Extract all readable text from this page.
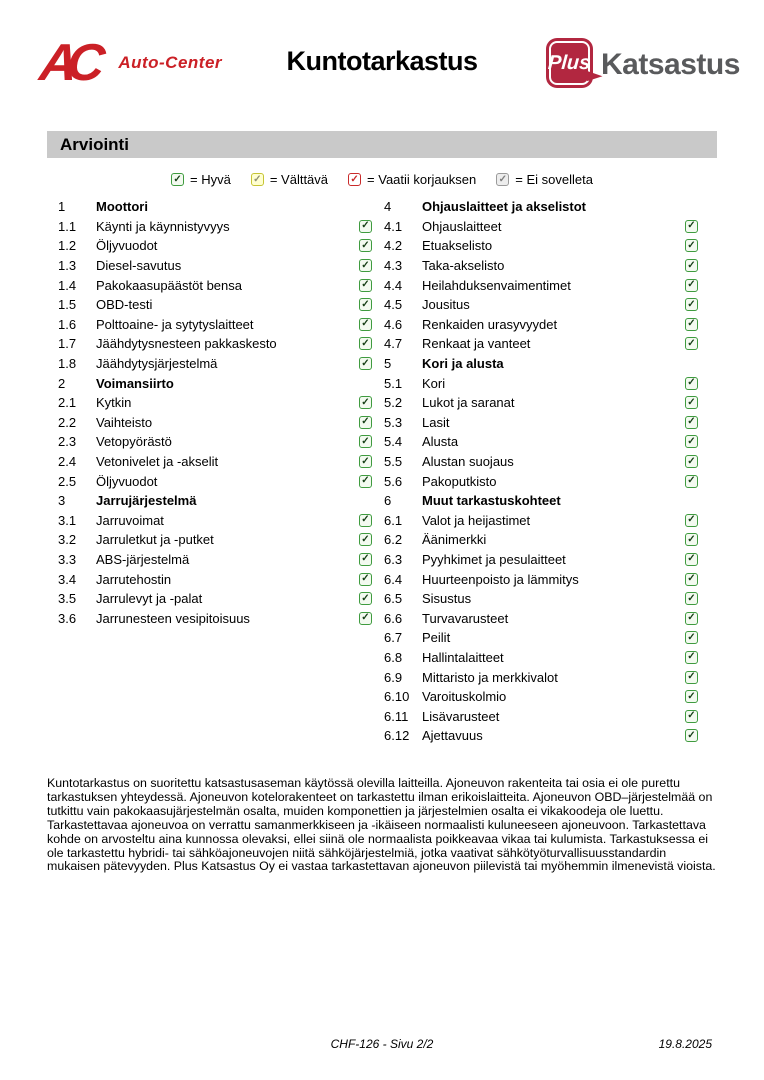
AC	Auto-Center	Kuntotarkastus	Plus Katsastus
Arviointi
✓ = Hyvä ✓ = Välttävä ✓ = Vaatii korjauksen ✓ = Ei sovelleta
1	Moottori
1.1	Käynti ja käynnistyvyys	✓
1.2	Öljyvuodot	✓
1.3	Diesel-savutus	✓
1.4	Pakokaasupäästöt bensa	✓
1.5	OBD-testi	✓
1.6	Polttoaine- ja sytytyslaitteet	✓
1.7	Jäähdytysnesteen pakkaskesto	✓
1.8	Jäähdytysjärjestelmä	✓
2	Voimansiirto
2.1	Kytkin	✓
2.2	Vaihteisto	✓
2.3	Vetopyörästö	✓
2.4	Vetonivelet ja -akselit	✓
2.5	Öljyvuodot	✓
3	Jarrujärjestelmä
3.1	Jarruvoimat	✓
3.2	Jarruletkut ja -putket	✓
3.3	ABS-järjestelmä	✓
3.4	Jarrutehostin	✓
3.5	Jarrulevyt ja -palat	✓
3.6	Jarrunesteen vesipitoisuus	✓
4	Ohjauslaitteet ja akselistot
4.1	Ohjauslaitteet	✓
4.2	Etuakselisto	✓
4.3	Taka-akselisto	✓
4.4	Heilahduksenvaimentimet	✓
4.5	Jousitus	✓
4.6	Renkaiden urasyvyydet	✓
4.7	Renkaat ja vanteet	✓
5	Kori ja alusta
5.1	Kori	✓
5.2	Lukot ja saranat	✓
5.3	Lasit	✓
5.4	Alusta	✓
5.5	Alustan suojaus	✓
5.6	Pakoputkisto	✓
6	Muut tarkastuskohteet
6.1	Valot ja heijastimet	✓
6.2	Äänimerkki	✓
6.3	Pyyhkimet ja pesulaitteet	✓
6.4	Huurteenpoisto ja lämmitys	✓
6.5	Sisustus	✓
6.6	Turvavarusteet	✓
6.7	Peilit	✓
6.8	Hallintalaitteet	✓
6.9	Mittaristo ja merkkivalot	✓
6.10 Varoituskolmio	✓
6.11	Lisävarusteet	✓
6.12 Ajettavuus	✓
Kuntotarkastus on suoritettu katsastusaseman käytössä olevilla laitteilla. Ajoneuvon rakenteita tai osia ei ole purettu tarkastuksen yhteydessä. Ajoneuvon kotelorakenteet on tarkastettu ilman erikoislaitteita. Ajoneuvon OBD–järjestelmää on tutkittu vain pakokaasujärjestelmän osalta, muiden komponettien ja järjestelmien osalta ei vikakoodeja ole luettu. Tarkastettavaa ajoneuvoa on verrattu samanmerkkiseen ja -ikäiseen normaalisti kuluneeseen ajoneuvoon. Tarkastettava kohde on arvosteltu aina kunnossa olevaksi, ellei siinä ole normaalista poikkeavaa vikaa tai kulumista. Tarkastuksessa ei ole tarkastettu hybridi- tai sähköajoneuvojen niitä sähköjärjestelmiä, jotka vaativat sähkötyöturvallisuusstandardin mukaisen pätevyyden. Plus Katsastus Oy ei vastaa tarkastettavan ajoneuvon piilevistä tai myöhemmin ilmenevistä vioista.
CHF-126 - Sivu 2/2	19.8.2025
